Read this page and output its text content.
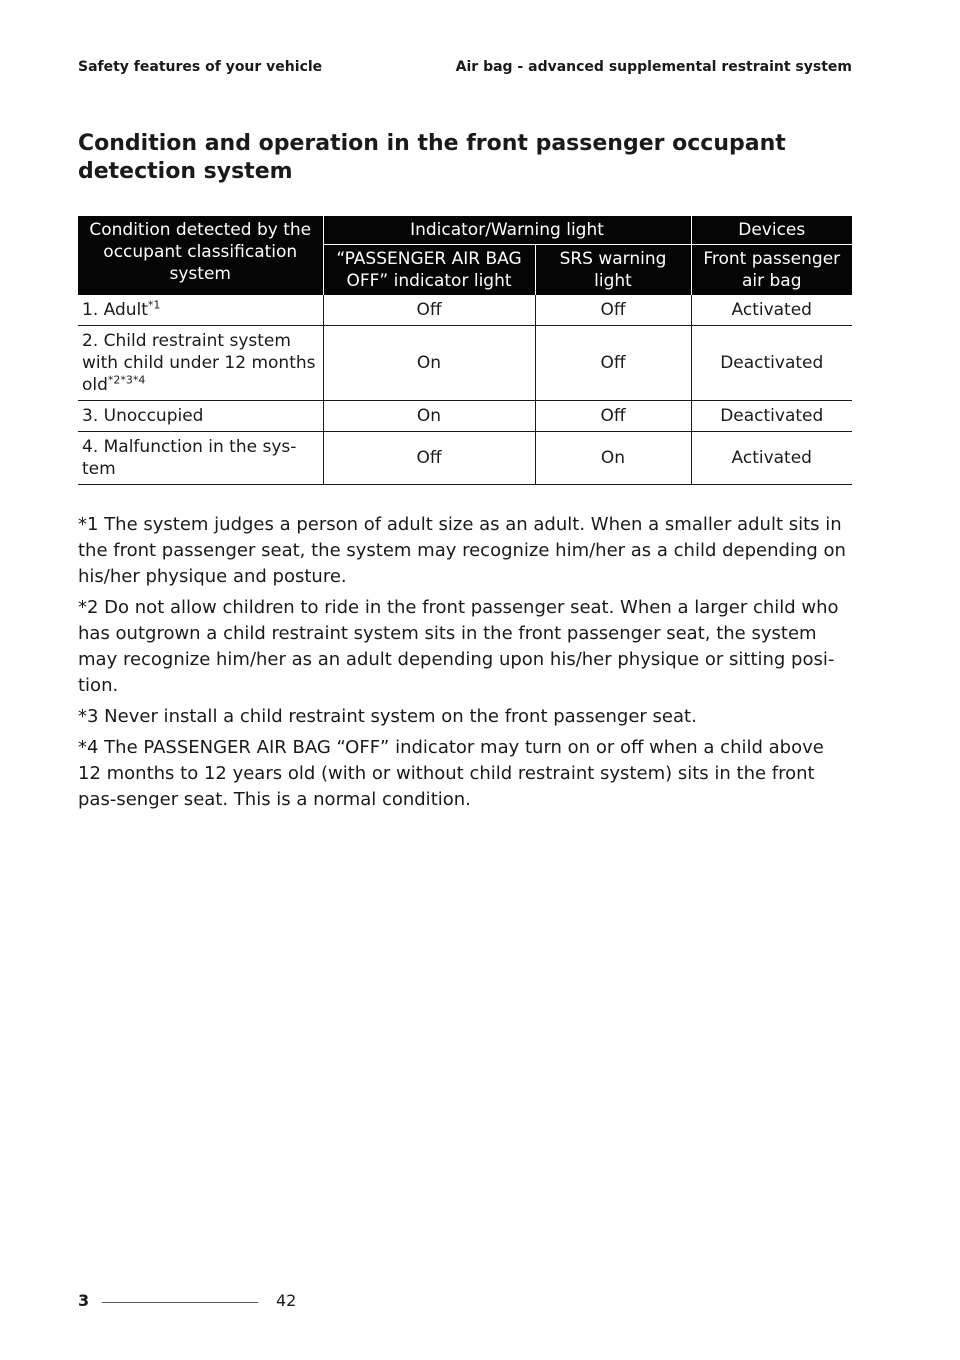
Safety features of your vehicle	Air bag - advanced supplemental restraint system
Condition and operation in the front passenger occupant detection system
Condition detected by the occupant classification system	Indicator/Warning light		Devices
	“PASSENGER AIR BAG OFF” indicator light	SRS warning light	Front passenger air bag
1. Adult$^{*1}$	Off	Off	Activated
2. Child restraint system with child under 12 months old$^{*2*3*4}$	On	Off	Deactivated
3. Unoccupied	On	Off	Deactivated
4. Malfunction in the sys-tem	Off	On	Activated

*1 The system judges a person of adult size as an adult. When a smaller adult sits in the front passenger seat, the system may recognize him/her as a child depending on his/her physique and posture.

*2 Do not allow children to ride in the front passenger seat. When a larger child who has outgrown a child restraint system sits in the front passenger seat, the system may recognize him/her as an adult depending upon his/her physique or sitting posi-tion.

*3 Never install a child restraint system on the front passenger seat.

*4 The PASSENGER AIR BAG “OFF” indicator may turn on or off when a child above 12 months to 12 years old (with or without child restraint system) sits in the front pas-senger seat. This is a normal condition.

3	42
